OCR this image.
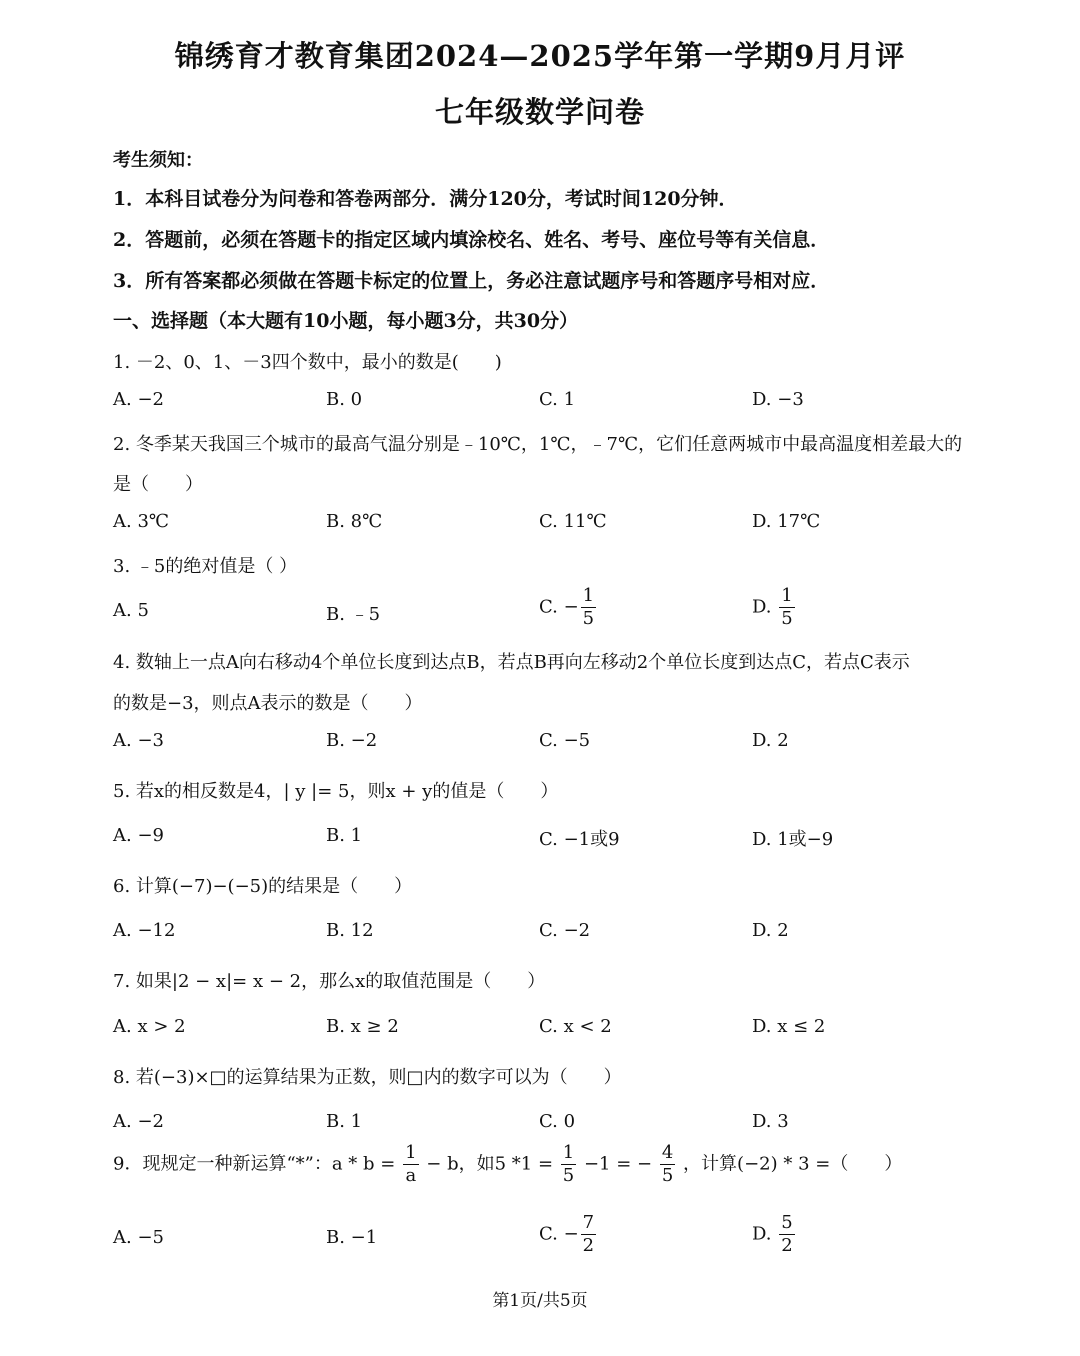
锦绣育才教育集团2024—2025学年第一学期9月月评
七年级数学问卷
考生须知：
1．本科目试卷分为问卷和答卷两部分．满分120分，考试时间120分钟．
2．答题前，必须在答题卡的指定区域内填涂校名、姓名、考号、座位号等有关信息．
3．所有答案都必须做在答题卡标定的位置上，务必注意试题序号和答题序号相对应．
一、选择题（本大题有10小题，每小题3分，共30分）
1. －2、0、1、－3四个数中，最小的数是(　　)
A. −2	B. 0	C. 1	D. −3
2. 冬季某天我国三个城市的最高气温分别是﹣10℃，1℃，﹣7℃，它们任意两城市中最高温度相差最大的
是（　　）
A. 3℃	B. 8℃	C. 11℃	D. 17℃
3. ﹣5的绝对值是（ ）
A. 5	B. ﹣5	C. − $\frac{1}{5}$	D. $\frac{1}{5}$
4. 数轴上一点A向右移动4个单位长度到达点B，若点B再向左移动2个单位长度到达点C，若点C表示
的数是−3，则点A表示的数是（　　）
A. −3	B. −2	C. −5	D. 2
5. 若x的相反数是4，| y |= 5，则x + y的值是（　　）
A. −9	B. 1	C. −1或9	D. 1或−9
6. 计算(−7)−(−5)的结果是（　　）
A. −12	B. 12	C. −2	D. 2
7. 如果|2 − x|= x − 2，那么x的取值范围是（　　）
A. x > 2	B. x ≥ 2	C. x < 2	D. x ≤ 2
8. 若(−3)×□的运算结果为正数，则□内的数字可以为（　　）
A. −2	B. 1	C. 0	D. 3
9．现规定一种新运算“*”：$a * b = \frac{1}{a} - b$，如5 $*1 = \frac{1}{5} -1$ = − $\frac{4}{5}$ ，计算(−2) * 3 =（　　）
A. −5	B. −1	C. − $\frac{7}{2}$	D. $\frac{5}{2}$
第1页/共5页
